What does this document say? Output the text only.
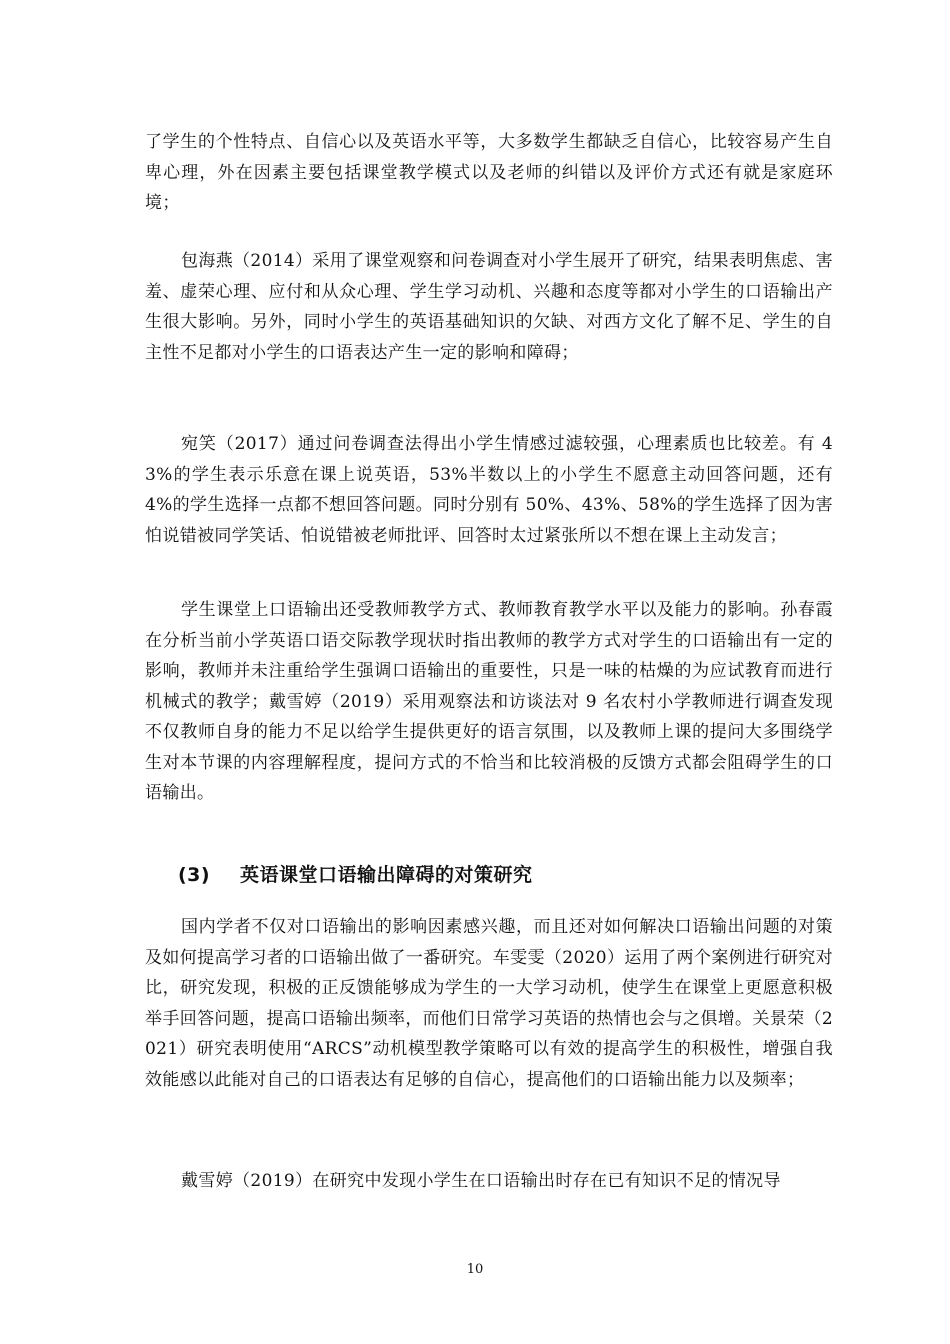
了学生的个性特点、自信心以及英语水平等，大多数学生都缺乏自信心，比较容易产生自卑心理，外在因素主要包括课堂教学模式以及老师的纠错以及评价方式还有就是家庭环境；

包海燕（2014）采用了课堂观察和问卷调查对小学生展开了研究，结果表明焦虑、害羞、虚荣心理、应付和从众心理、学生学习动机、兴趣和态度等都对小学生的口语输出产生很大影响。另外，同时小学生的英语基础知识的欠缺、对西方文化了解不足、学生的自主性不足都对小学生的口语表达产生一定的影响和障碍；

宛笑（2017）通过问卷调查法得出小学生情感过滤较强，心理素质也比较差。有 43%的学生表示乐意在课上说英语，53%半数以上的小学生不愿意主动回答问题，还有 4%的学生选择一点都不想回答问题。同时分别有 50%、43%、58%的学生选择了因为害怕说错被同学笑话、怕说错被老师批评、回答时太过紧张所以不想在课上主动发言；

学生课堂上口语输出还受教师教学方式、教师教育教学水平以及能力的影响。孙春霞在分析当前小学英语口语交际教学现状时指出教师的教学方式对学生的口语输出有一定的影响，教师并未注重给学生强调口语输出的重要性，只是一味的枯燥的为应试教育而进行机械式的教学；戴雪婷（2019）采用观察法和访谈法对 9 名农村小学教师进行调查发现不仅教师自身的能力不足以给学生提供更好的语言氛围，以及教师上课的提问大多围绕学生对本节课的内容理解程度，提问方式的不恰当和比较消极的反馈方式都会阻碍学生的口语输出。

(3) 英语课堂口语输出障碍的对策研究

国内学者不仅对口语输出的影响因素感兴趣，而且还对如何解决口语输出问题的对策及如何提高学习者的口语输出做了一番研究。车雯雯（2020）运用了两个案例进行研究对比，研究发现，积极的正反馈能够成为学生的一大学习动机，使学生在课堂上更愿意积极举手回答问题，提高口语输出频率，而他们日常学习英语的热情也会与之俱增。关景荣（2021）研究表明使用“ARCS”动机模型教学策略可以有效的提高学生的积极性，增强自我效能感以此能对自己的口语表达有足够的自信心，提高他们的口语输出能力以及频率；

戴雪婷（2019）在研究中发现小学生在口语输出时存在已有知识不足的情况导

10
